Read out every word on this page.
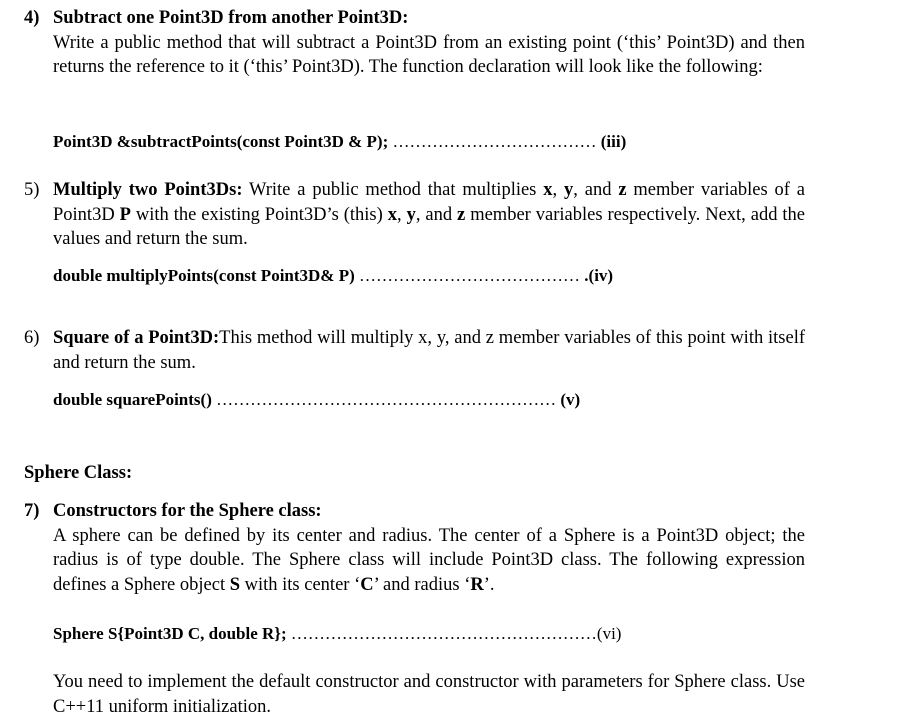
4) Subtract one Point3D from another Point3D:
Write a public method that will subtract a Point3D from an existing point (‘this’ Point3D) and then returns the reference to it (‘this’ Point3D). The function declaration will look like the following:
Point3D &subtractPoints(const Point3D & P); ……………………………… (iii)
5) Multiply two Point3Ds: Write a public method that multiplies x, y, and z member variables of a Point3D P with the existing Point3D’s (this) x, y, and z member variables respectively. Next, add the values and return the sum.
double multiplyPoints(const Point3D& P) ………………………………… .(iv)
6) Square of a Point3D:This method will multiply x, y, and z member variables of this point with itself and return the sum.
double squarePoints() …………………………………………………… (v)
Sphere Class:
7) Constructors for the Sphere class:
A sphere can be defined by its center and radius. The center of a Sphere is a Point3D object; the radius is of type double. The Sphere class will include Point3D class. The following expression defines a Sphere object S with its center ‘C’ and radius ‘R’.
Sphere S{Point3D C, double R}; ………………………………………………(vi)
You need to implement the default constructor and constructor with parameters for Sphere class. Use C++11 uniform initialization.
